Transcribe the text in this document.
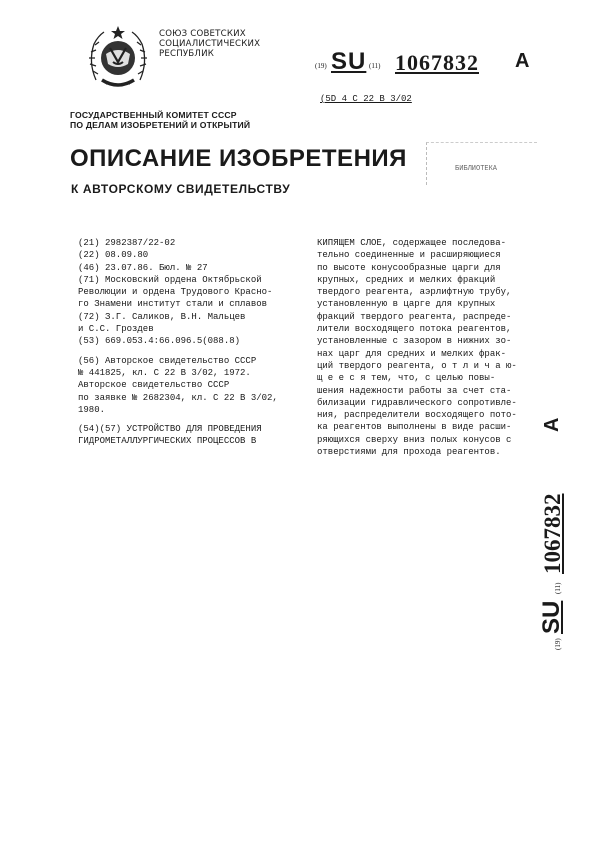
СОЮЗ СОВЕТСКИХ
СОЦИАЛИСТИЧЕСКИХ
РЕСПУБЛИК
(19) SU (11) 1067832 A
(5D 4 C 22 B 3/02
ГОСУДАРСТВЕННЫЙ КОМИТЕТ СССР
ПО ДЕЛАМ ИЗОБРЕТЕНИЙ И ОТКРЫТИЙ
ОПИСАНИЕ ИЗОБРЕТЕНИЯ
К АВТОРСКОМУ СВИДЕТЕЛЬСТВУ
БИБЛИОТЕКА
(21) 2982387/22-02
(22) 08.09.80
(46) 23.07.86. Бюл. № 27
(71) Московский ордена Октябрьской
Революции и ордена Трудового Красно-
го Знамени институт стали и сплавов
(72) З.Г. Саликов, В.Н. Мальцев
и С.С. Гроздев
(53) 669.053.4:66.096.5(088.8)
(56) Авторское свидетельство СССР
№ 441825, кл. С 22 В 3/02, 1972.
Авторское свидетельство СССР
по заявке № 2682304, кл. С 22 В 3/02,
1980.
(54)(57) УСТРОЙСТВО ДЛЯ ПРОВЕДЕНИЯ
ГИДРОМЕТАЛЛУРГИЧЕСКИХ ПРОЦЕССОВ В
КИПЯЩЕМ СЛОЕ, содержащее последова-
тельно соединенные и расширяющиеся
по высоте конусообразные царги для
крупных, средних и мелких фракций
твердого реагента, аэрлифтную трубу,
установленную в царге для крупных
фракций твердого реагента, распреде-
лители восходящего потока реагентов,
установленные с зазором в нижних зо-
нах царг для средних и мелких фрак-
ций твердого реагента, о т л и ч а ю-
щ е е с я тем, что, с целью повы-
шения надежности работы за счет ста-
билизации гидравлического сопротивле-
ния, распределители восходящего пото-
ка реагентов выполнены в виде расши-
ряющихся сверху вниз полых конусов с
отверстиями для прохода реагентов.
(19)
SU
(11)
1067832
A
